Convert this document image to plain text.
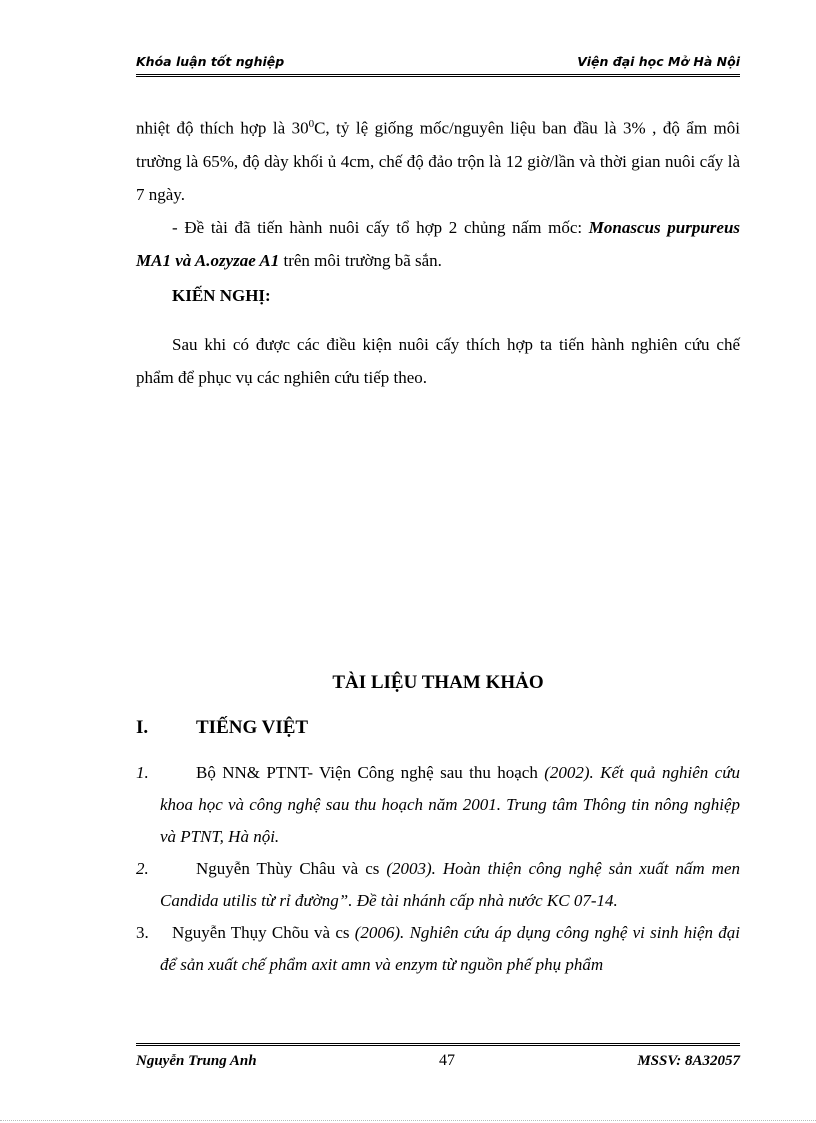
Khóa luận tốt nghiệp	Viện đại học Mở Hà Nội
nhiệt độ thích hợp là $30^0C$, tỷ lệ giống mốc/nguyên liệu ban đầu là 3% , độ ẩm môi trường là 65%, độ dày khối ủ 4cm, chế độ đảo trộn là 12 giờ/lần và thời gian nuôi cấy là 7 ngày.
- Đề tài đã tiến hành nuôi cấy tổ hợp 2 chủng nấm mốc: Monascus purpureus MA1 và A.ozyzae A1 trên môi trường bã sắn.
KIẾN NGHỊ:
Sau khi có được các điều kiện nuôi cấy thích hợp ta tiến hành nghiên cứu chế phẩm để phục vụ các nghiên cứu tiếp theo.
TÀI LIỆU THAM KHẢO
I.	TIẾNG VIỆT
1.	Bộ NN& PTNT- Viện Công nghệ sau thu hoạch (2002). Kết quả nghiên cứu khoa học và công nghệ sau thu hoạch năm 2001. Trung tâm Thông tin nông nghiệp và PTNT, Hà nội.
2.	Nguyễn Thùy Châu và cs (2003). Hoàn thiện công nghệ sản xuất nấm men Candida utilis từ rỉ đường”. Đề tài nhánh cấp nhà nước KC 07-14.
3. Nguyễn Thụy Chõu và cs (2006). Nghiên cứu áp dụng công nghệ vi sinh hiện đại để sản xuất chế phẩm axit amn và enzym từ nguồn phế phụ phẩm
Nguyễn Trung Anh	47	MSSV: 8A32057
